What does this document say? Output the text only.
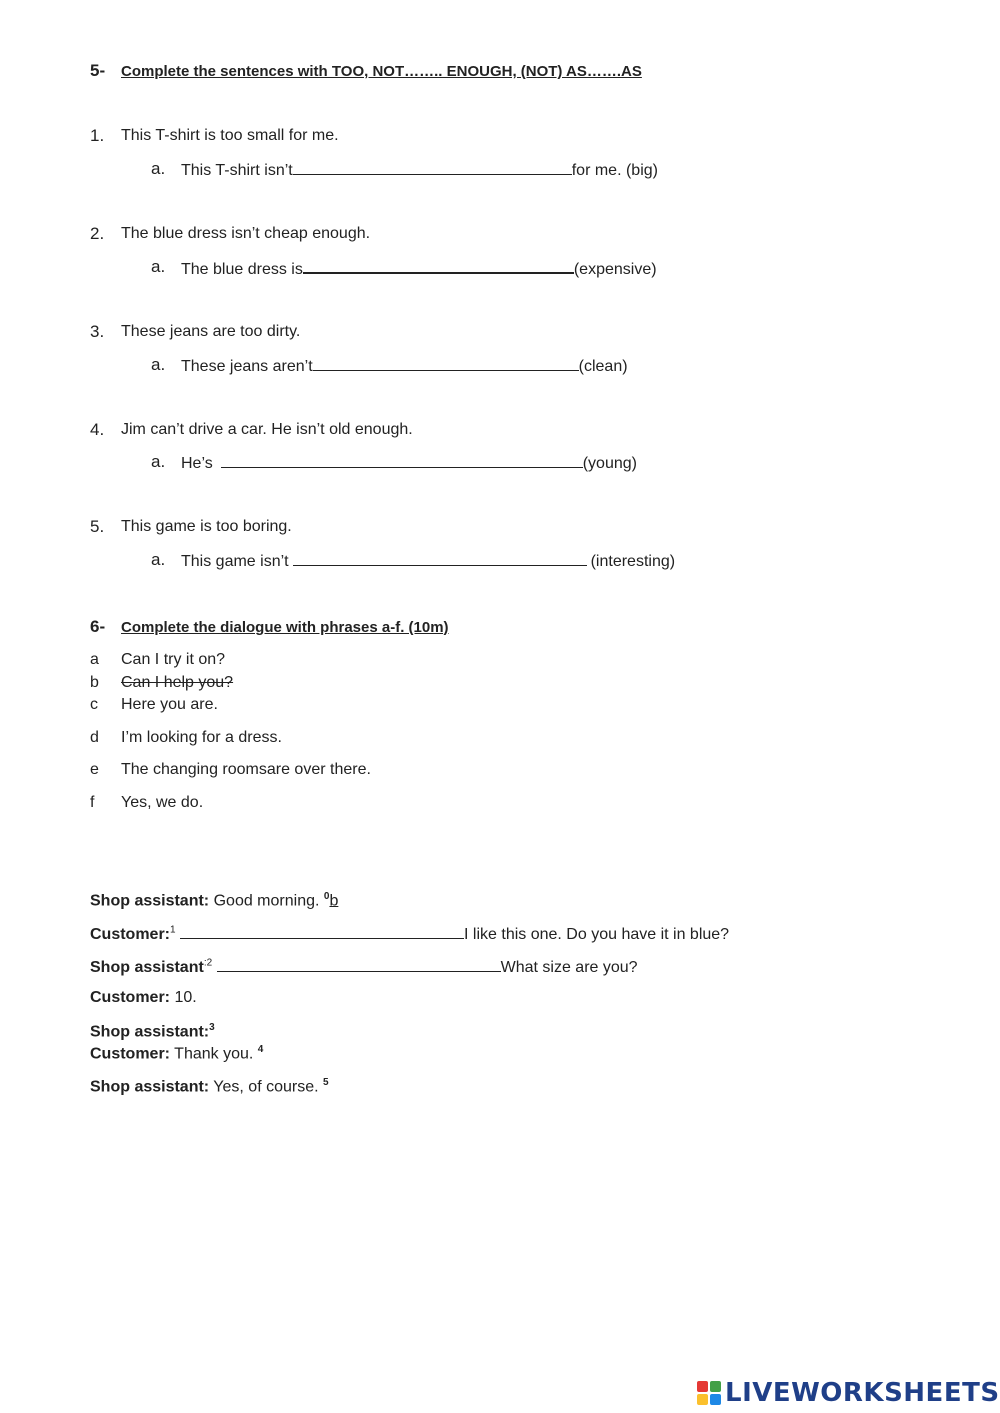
5- Complete the sentences with TOO, NOT…….. ENOUGH, (NOT) AS…….AS
1. This T-shirt is too small for me.
a. This T-shirt isn’t	for me. (big)
2. The blue dress isn’t cheap enough.
a. The blue dress is	(expensive)
3. These jeans are too dirty.
a. These jeans aren’t	(clean)
4. Jim can’t drive a car. He isn’t old enough.
a. He’s	(young)
5. This game is too boring.
a. This game isn’t	(interesting)
6- Complete the dialogue with phrases a-f. (10m)
a Can I try it on?
b Can I help you?
c Here you are.
d I’m looking for a dress.
e The changing roomsare over there.
f Yes, we do.
Shop assistant: Good morning. $^0$b
Customer:$^1$	I like this one. Do you have it in blue?
Shop assistant$^{:2}$	What size are you?
Customer: 10.
Shop assistant:$^3$
Customer: Thank you. $^4$
Shop assistant: Yes, of course. $^5$
LIVEWORKSHEETS
